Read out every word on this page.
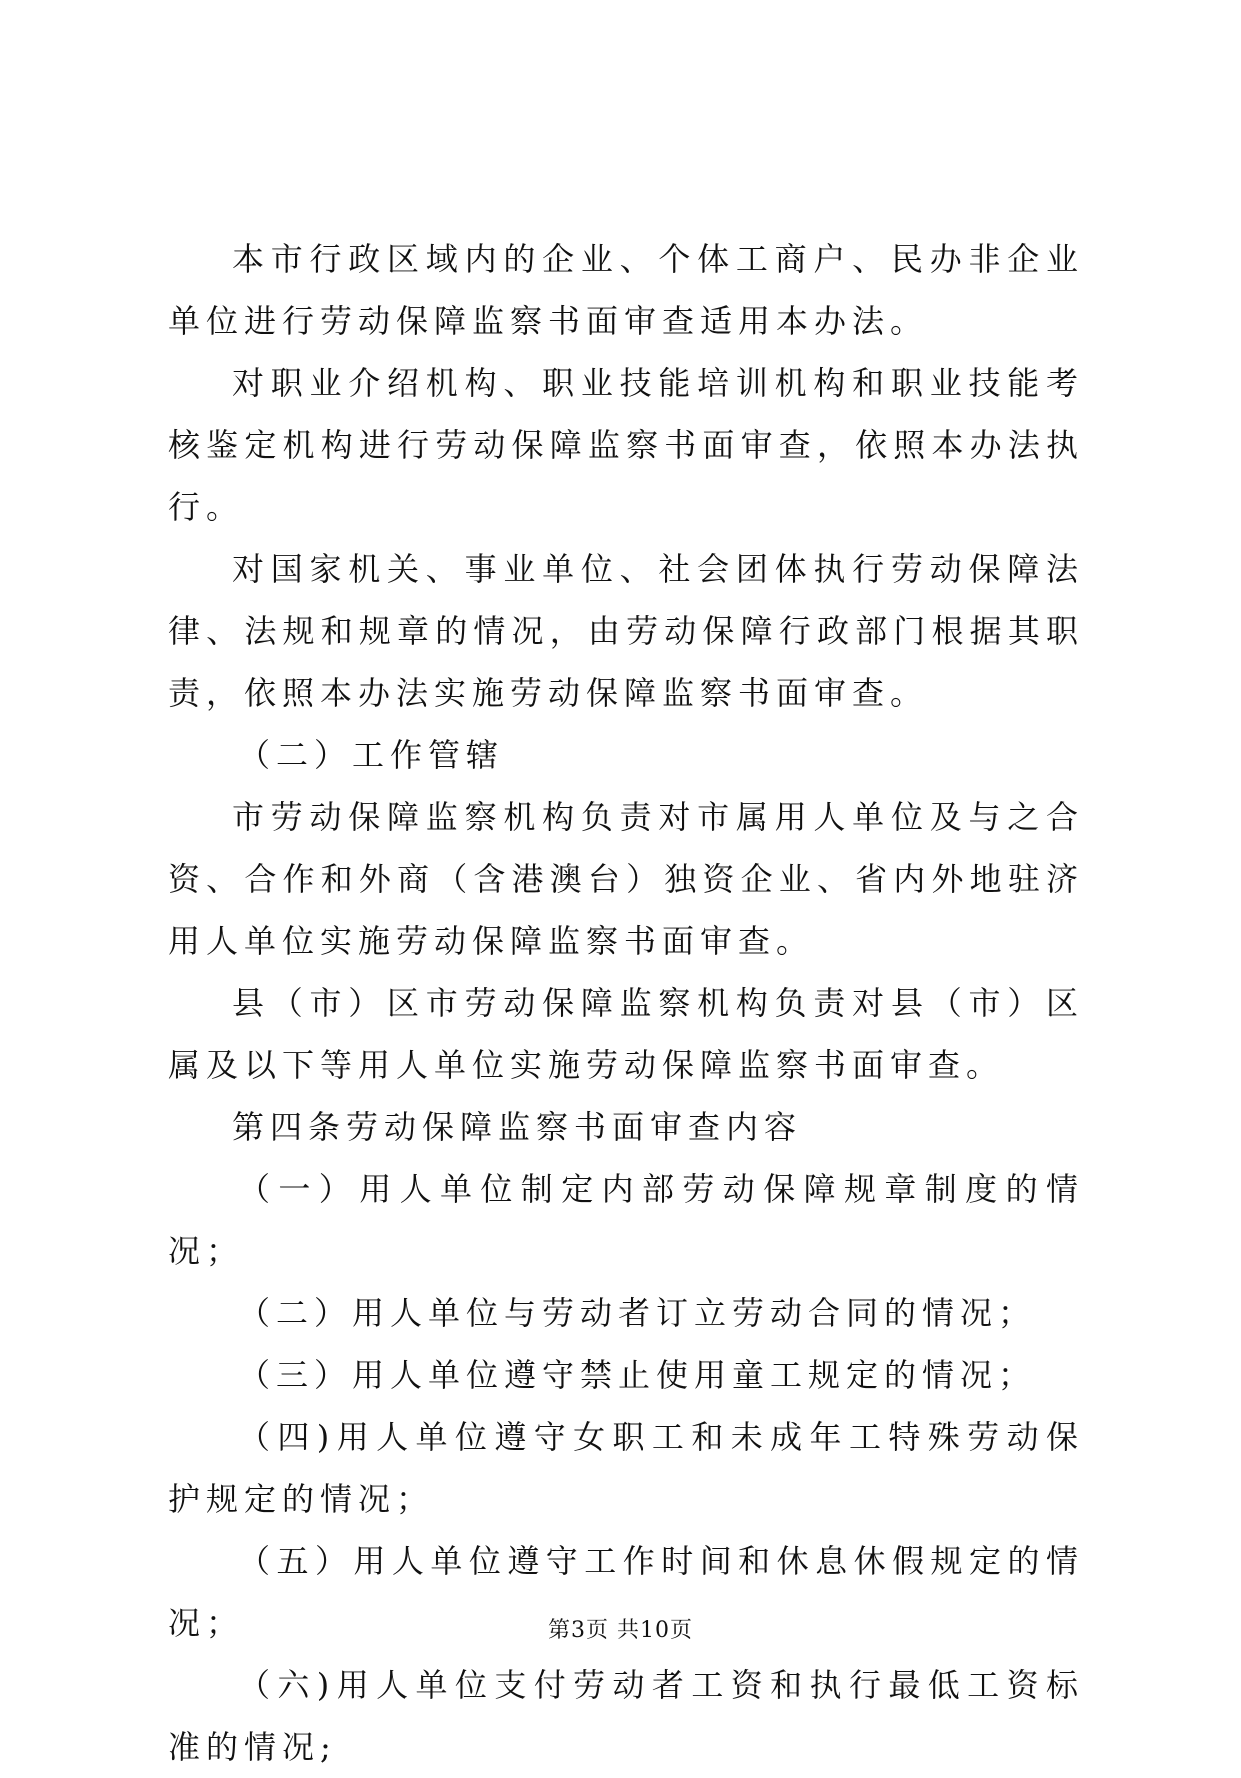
本市行政区域内的企业、个体工商户、民办非企业单位进行劳动保障监察书面审查适用本办法。

对职业介绍机构、职业技能培训机构和职业技能考核鉴定机构进行劳动保障监察书面审查，依照本办法执行。

对国家机关、事业单位、社会团体执行劳动保障法律、法规和规章的情况，由劳动保障行政部门根据其职责，依照本办法实施劳动保障监察书面审查。

（二）工作管辖

市劳动保障监察机构负责对市属用人单位及与之合资、合作和外商（含港澳台）独资企业、省内外地驻济用人单位实施劳动保障监察书面审查。

县（市）区市劳动保障监察机构负责对县（市）区属及以下等用人单位实施劳动保障监察书面审查。

第四条劳动保障监察书面审查内容

（一）用人单位制定内部劳动保障规章制度的情况；

（二）用人单位与劳动者订立劳动合同的情况；

（三）用人单位遵守禁止使用童工规定的情况；

（四)用人单位遵守女职工和未成年工特殊劳动保护规定的情况；

（五）用人单位遵守工作时间和休息休假规定的情况；

（六)用人单位支付劳动者工资和执行最低工资标准的情况;

第3页 共10页
